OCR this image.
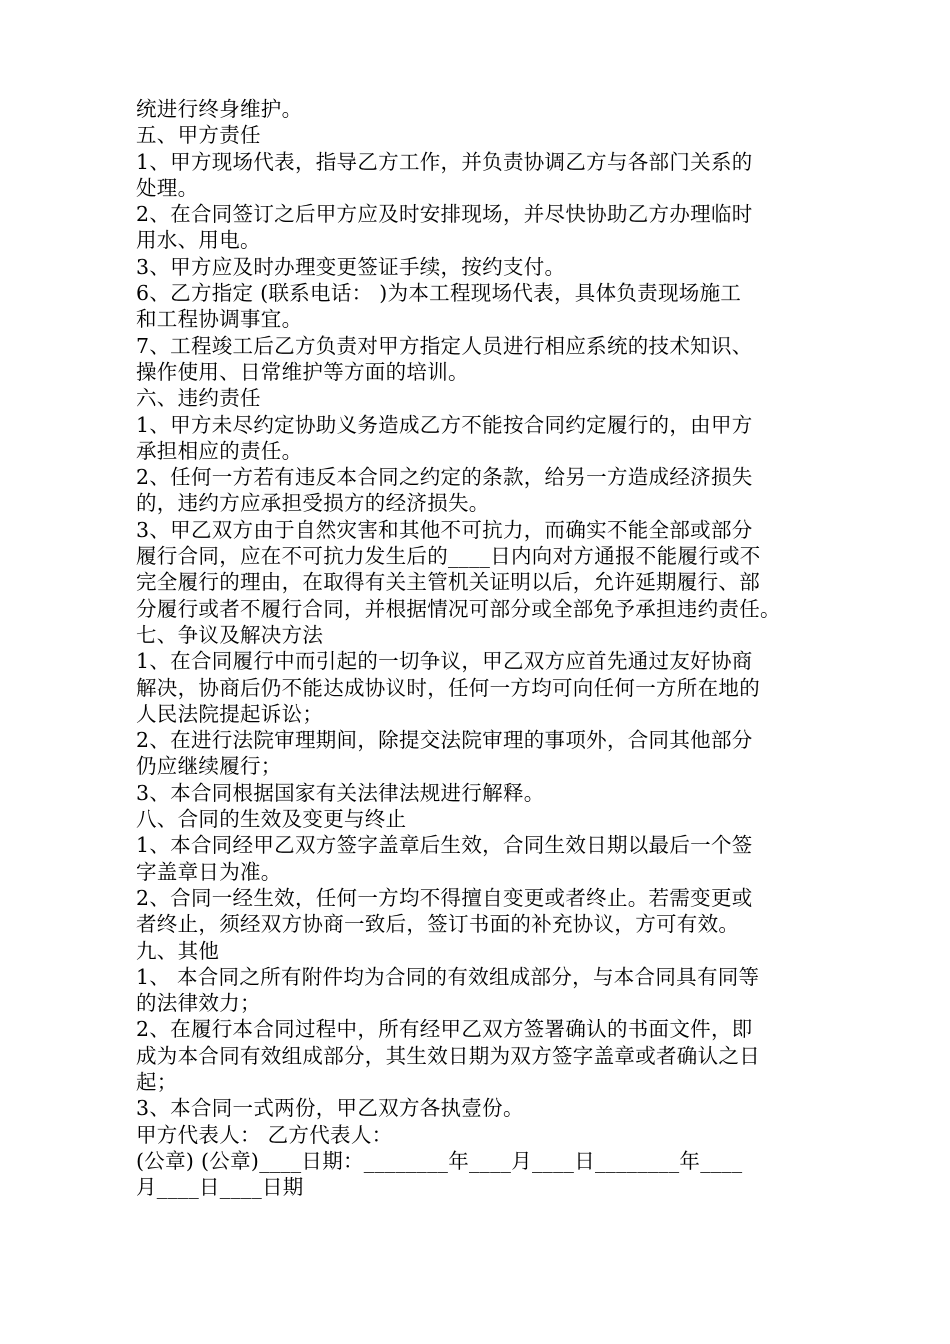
统进行终身维护。
五、甲方责任
1、甲方现场代表，指导乙方工作，并负责协调乙方与各部门关系的
处理。
2、在合同签订之后甲方应及时安排现场，并尽快协助乙方办理临时
用水、用电。
3、甲方应及时办理变更签证手续，按约支付。
6、乙方指定 (联系电话： )为本工程现场代表，具体负责现场施工
和工程协调事宜。
7、工程竣工后乙方负责对甲方指定人员进行相应系统的技术知识、
操作使用、日常维护等方面的培训。
六、违约责任
1、甲方未尽约定协助义务造成乙方不能按合同约定履行的，由甲方
承担相应的责任。
2、任何一方若有违反本合同之约定的条款，给另一方造成经济损失
的，违约方应承担受损方的经济损失。
3、甲乙双方由于自然灾害和其他不可抗力，而确实不能全部或部分
履行合同，应在不可抗力发生后的____日内向对方通报不能履行或不
完全履行的理由，在取得有关主管机关证明以后，允许延期履行、部
分履行或者不履行合同，并根据情况可部分或全部免予承担违约责任。
七、争议及解决方法
1、在合同履行中而引起的一切争议，甲乙双方应首先通过友好协商
解决，协商后仍不能达成协议时，任何一方均可向任何一方所在地的
人民法院提起诉讼；
2、在进行法院审理期间，除提交法院审理的事项外，合同其他部分
仍应继续履行；
3、本合同根据国家有关法律法规进行解释。
八、合同的生效及变更与终止
1、本合同经甲乙双方签字盖章后生效，合同生效日期以最后一个签
字盖章日为准。
2、合同一经生效，任何一方均不得擅自变更或者终止。若需变更或
者终止，须经双方协商一致后，签订书面的补充协议，方可有效。
九、其他
1、 本合同之所有附件均为合同的有效组成部分，与本合同具有同等
的法律效力；
2、在履行本合同过程中，所有经甲乙双方签署确认的书面文件，即
成为本合同有效组成部分，其生效日期为双方签字盖章或者确认之日
起；
3、本合同一式两份，甲乙双方各执壹份。
甲方代表人： 乙方代表人：
(公章) (公章)____日期：________年____月____日________年____
月____日____日期
